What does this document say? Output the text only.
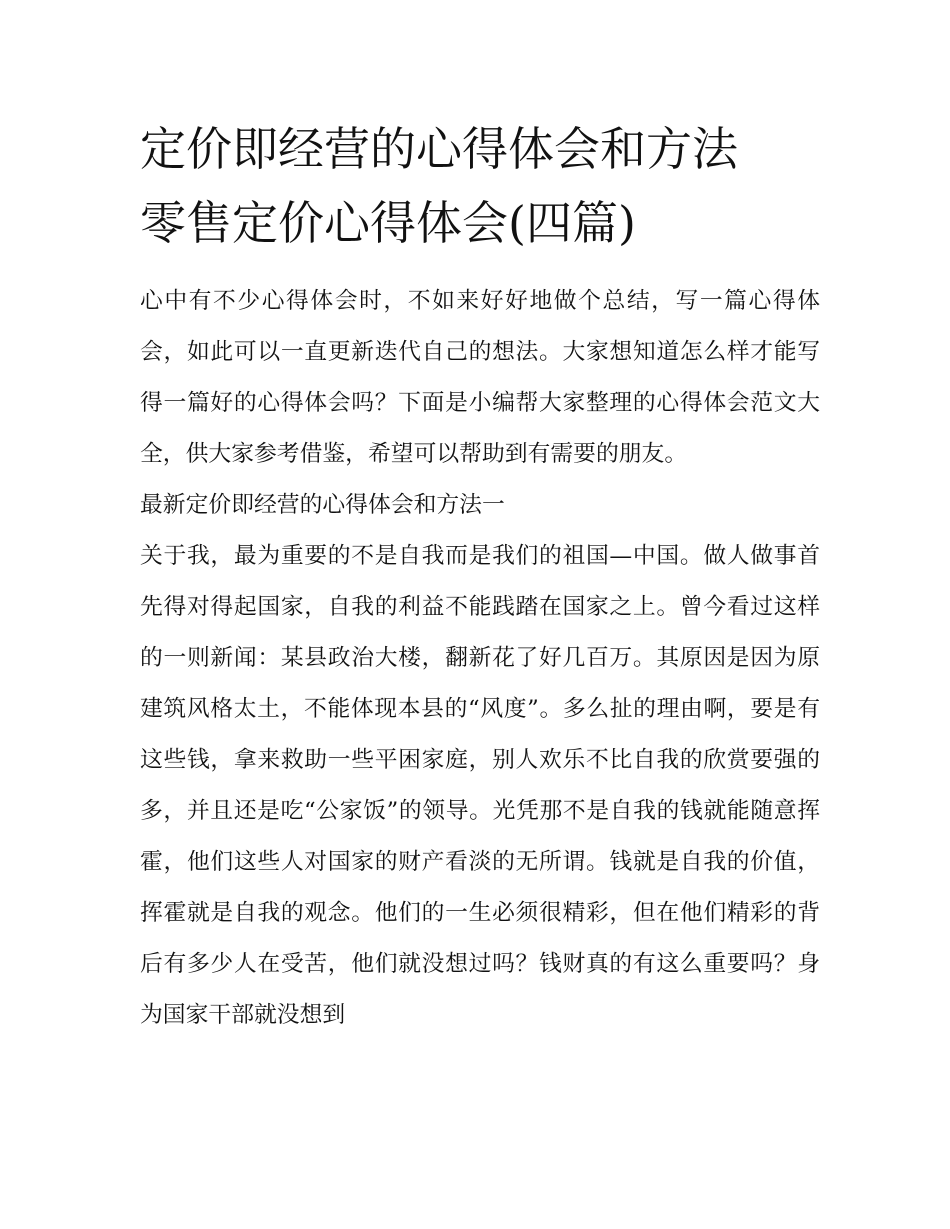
定价即经营的心得体会和方法
零售定价心得体会(四篇)

心中有不少心得体会时，不如来好好地做个总结，写一篇心得体会，如此可以一直更新迭代自己的想法。大家想知道怎么样才能写得一篇好的心得体会吗？下面是小编帮大家整理的心得体会范文大全，供大家参考借鉴，希望可以帮助到有需要的朋友。

最新定价即经营的心得体会和方法一

关于我，最为重要的不是自我而是我们的祖国—中国。做人做事首先得对得起国家，自我的利益不能践踏在国家之上。曾今看过这样的一则新闻：某县政治大楼，翻新花了好几百万。其原因是因为原建筑风格太土，不能体现本县的“风度”。多么扯的理由啊，要是有这些钱，拿来救助一些平困家庭，别人欢乐不比自我的欣赏要强的多，并且还是吃“公家饭”的领导。光凭那不是自我的钱就能随意挥霍，他们这些人对国家的财产看淡的无所谓。钱就是自我的价值，挥霍就是自我的观念。他们的一生必须很精彩，但在他们精彩的背后有多少人在受苦，他们就没想过吗？钱财真的有这么重要吗？身为国家干部就没想到
